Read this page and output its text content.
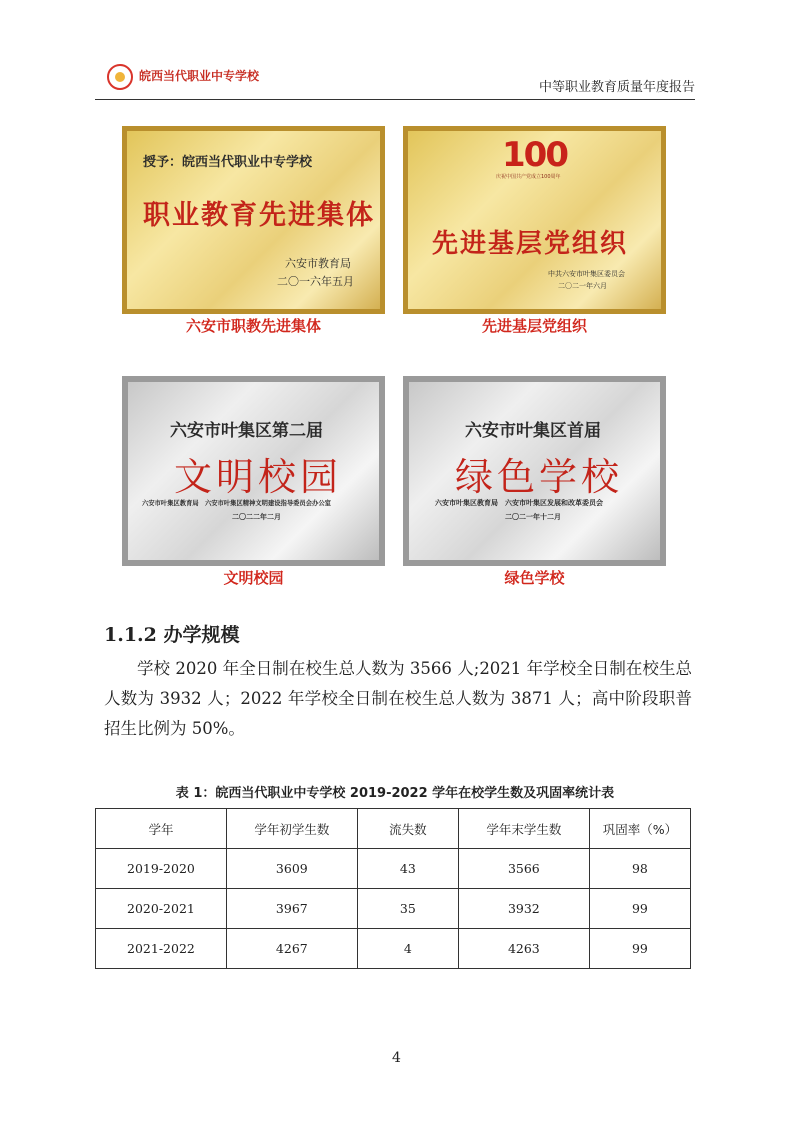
皖西当代职业中专学校
中等职业教育质量年度报告
授予：皖西当代职业中专学校
职业教育先进集体
六安市教育局
二〇一六年五月
六安市职教先进集体
100
庆祝中国共产党成立100周年
先进基层党组织
中共六安市叶集区委员会
二〇二一年六月
先进基层党组织
六安市叶集区第二届
文明校园
六安市叶集区教育局　六安市叶集区精神文明建设指导委员会办公室
二〇二二年二月
文明校园
六安市叶集区首届
绿色学校
六安市叶集区教育局　六安市叶集区发展和改革委员会
二〇二一年十二月
绿色学校
1.1.2 办学规模
学校 2020 年全日制在校生总人数为 3566 人;2021 年学校全日制在校生总人数为 3932 人；2022 年学校全日制在校生总人数为 3871 人；高中阶段职普招生比例为 50%。
表 1：皖西当代职业中专学校 2019-2022 学年在校学生数及巩固率统计表
学年	学年初学生数	流失数	学年末学生数	巩固率（%）
2019-2020	3609	43	3566	98
2020-2021	3967	35	3932	99
2021-2022	4267	4	4263	99
4
